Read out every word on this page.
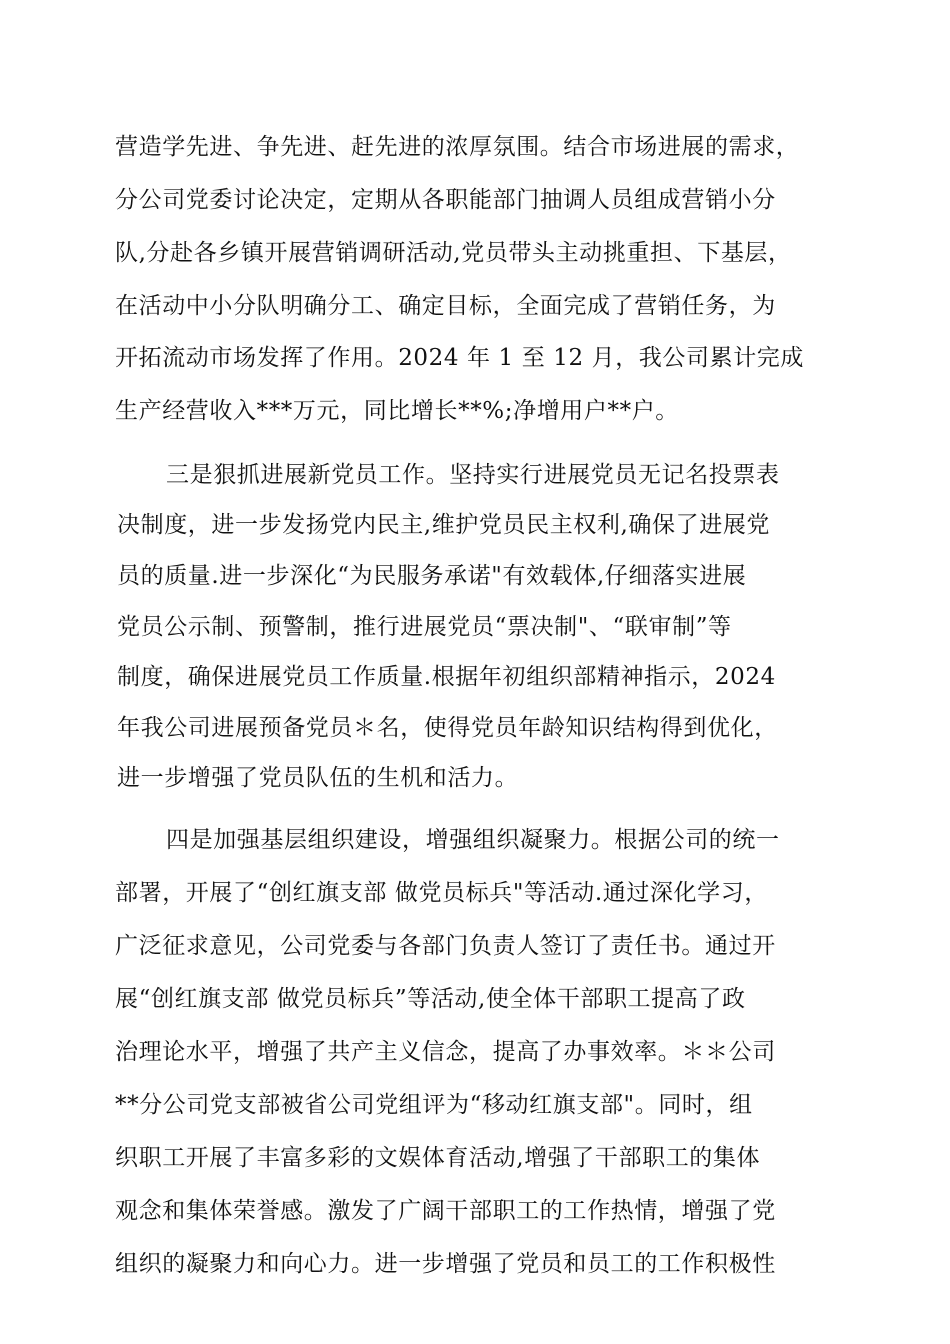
营造学先进、争先进、赶先进的浓厚氛围。结合市场进展的需求，
分公司党委讨论决定，定期从各职能部门抽调人员组成营销小分
队,分赴各乡镇开展营销调研活动,党员带头主动挑重担、下基层，
在活动中小分队明确分工、确定目标，全面完成了营销任务，为
开拓流动市场发挥了作用。2024 年 1 至 12 月，我公司累计完成
生产经营收入***万元，同比增长**%;净增用户**户。
三是狠抓进展新党员工作。坚持实行进展党员无记名投票表
决制度，进一步发扬党内民主,维护党员民主权利,确保了进展党
员的质量.进一步深化“为民服务承诺"有效载体,仔细落实进展
党员公示制、预警制，推行进展党员“票决制"、“联审制”等
制度，确保进展党员工作质量.根据年初组织部精神指示，2024
年我公司进展预备党员＊名，使得党员年龄知识结构得到优化，
进一步增强了党员队伍的生机和活力。
四是加强基层组织建设，增强组织凝聚力。根据公司的统一
部署，开展了“创红旗支部 做党员标兵"等活动.通过深化学习，
广泛征求意见，公司党委与各部门负责人签订了责任书。通过开
展“创红旗支部 做党员标兵”等活动,使全体干部职工提高了政
治理论水平，增强了共产主义信念，提高了办事效率。＊＊公司
**分公司党支部被省公司党组评为“移动红旗支部"。同时，组
织职工开展了丰富多彩的文娱体育活动,增强了干部职工的集体
观念和集体荣誉感。激发了广阔干部职工的工作热情，增强了党
组织的凝聚力和向心力。进一步增强了党员和员工的工作积极性
